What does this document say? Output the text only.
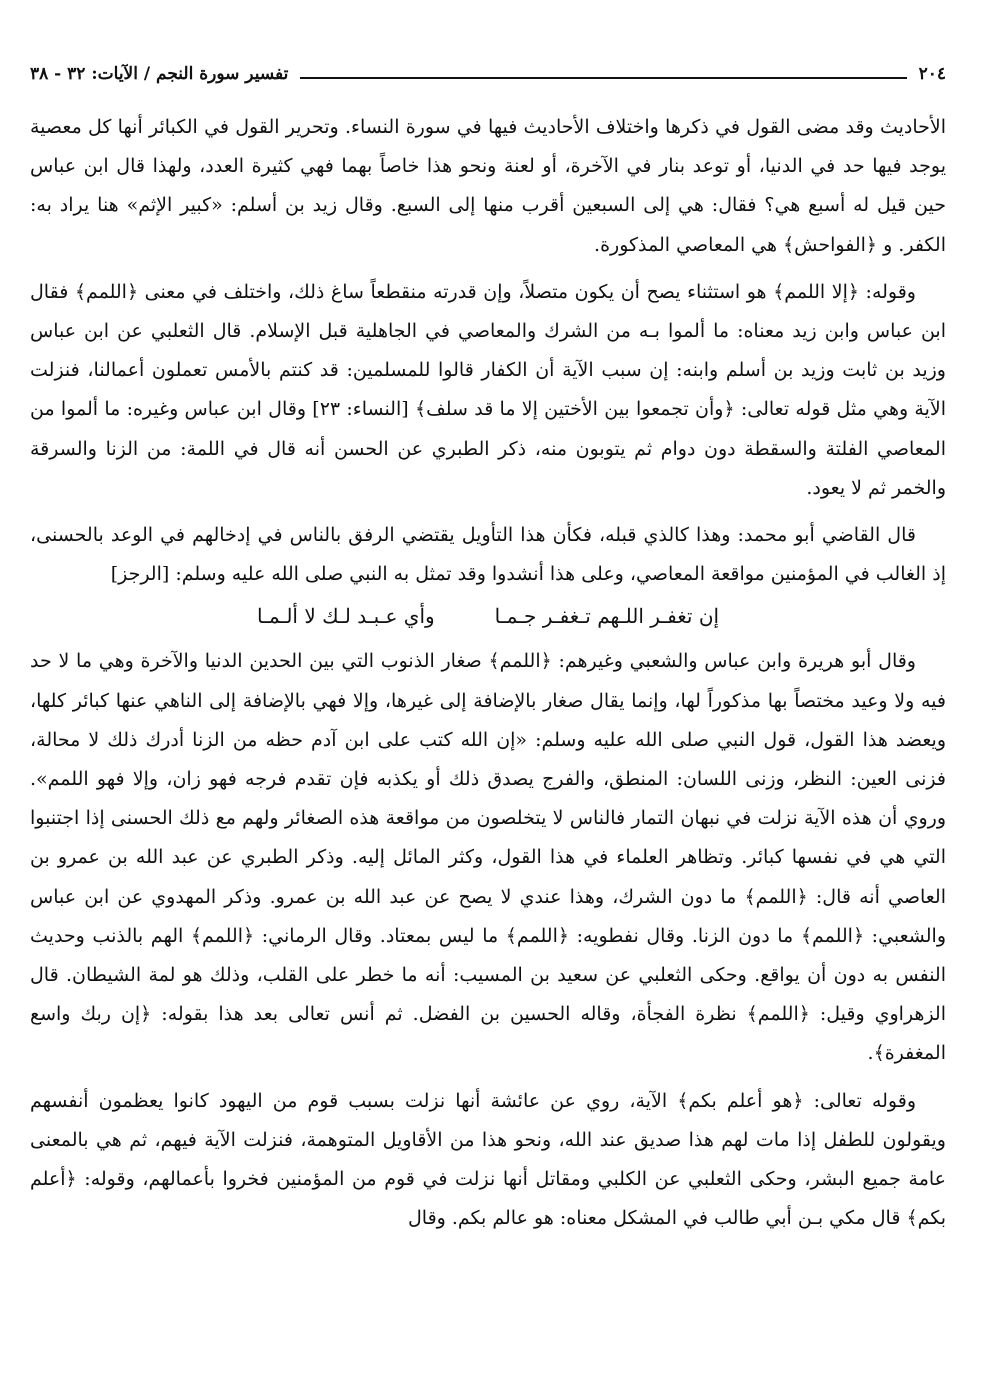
٢٠٤
تفسير سورة النجم / الآيات: ٣٢ - ٣٨

الأحاديث وقد مضى القول في ذكرها واختلاف الأحاديث فيها في سورة النساء. وتحرير القول في الكبائر أنها كل معصية يوجد فيها حد في الدنيا، أو توعد بنار في الآخرة، أو لعنة ونحو هذا خاصاً بهما فهي كثيرة العدد، ولهذا قال ابن عباس حين قيل له أسبع هي؟ فقال: هي إلى السبعين أقرب منها إلى السبع. وقال زيد بن أسلم: «كبير الإثم» هنا يراد به: الكفر. و ﴿الفواحش﴾ هي المعاصي المذكورة.

وقوله: ﴿إلا اللمم﴾ هو استثناء يصح أن يكون متصلاً، وإن قدرته منقطعاً ساغ ذلك، واختلف في معنى ﴿اللمم﴾ فقال ابن عباس وابن زيد معناه: ما ألموا بـه من الشرك والمعاصي في الجاهلية قبل الإسلام. قال الثعلبي عن ابن عباس وزيد بن ثابت وزيد بن أسلم وابنه: إن سبب الآية أن الكفار قالوا للمسلمين: قد كنتم بالأمس تعملون أعمالنا، فنزلت الآية وهي مثل قوله تعالى: ﴿وأن تجمعوا بين الأختين إلا ما قد سلف﴾ [النساء: ٢٣] وقال ابن عباس وغيره: ما ألموا من المعاصي الفلتة والسقطة دون دوام ثم يتوبون منه، ذكر الطبري عن الحسن أنه قال في اللمة: من الزنا والسرقة والخمر ثم لا يعود.

قال القاضي أبو محمد: وهذا كالذي قبله، فكأن هذا التأويل يقتضي الرفق بالناس في إدخالهم في الوعد بالحسنى، إذ الغالب في المؤمنين مواقعة المعاصي، وعلى هذا أنشدوا وقد تمثل به النبي صلى الله عليه وسلم: [الرجز]

إن تغفـر اللـهم تـغفـر جـمـا
وأي عـبـد لـك لا ألـمـا

وقال أبو هريرة وابن عباس والشعبي وغيرهم: ﴿اللمم﴾ صغار الذنوب التي بين الحدين الدنيا والآخرة وهي ما لا حد فيه ولا وعيد مختصاً بها مذكوراً لها، وإنما يقال صغار بالإضافة إلى غيرها، وإلا فهي بالإضافة إلى الناهي عنها كبائر كلها، ويعضد هذا القول، قول النبي صلى الله عليه وسلم: «إن الله كتب على ابن آدم حظه من الزنا أدرك ذلك لا محالة، فزنى العين: النظر، وزنى اللسان: المنطق، والفرج يصدق ذلك أو يكذبه فإن تقدم فرجه فهو زان، وإلا فهو اللمم». وروي أن هذه الآية نزلت في نبهان التمار فالناس لا يتخلصون من مواقعة هذه الصغائر ولهم مع ذلك الحسنى إذا اجتنبوا التي هي في نفسها كبائر. وتظاهر العلماء في هذا القول، وكثر المائل إليه. وذكر الطبري عن عبد الله بن عمرو بن العاصي أنه قال: ﴿اللمم﴾ ما دون الشرك، وهذا عندي لا يصح عن عبد الله بن عمرو. وذكر المهدوي عن ابن عباس والشعبي: ﴿اللمم﴾ ما دون الزنا. وقال نفطويه: ﴿اللمم﴾ ما ليس بمعتاد. وقال الرماني: ﴿اللمم﴾ الهم بالذنب وحديث النفس به دون أن يواقع. وحكى الثعلبي عن سعيد بن المسيب: أنه ما خطر على القلب، وذلك هو لمة الشيطان. قال الزهراوي وقيل: ﴿اللمم﴾ نظرة الفجأة، وقاله الحسين بن الفضل. ثم أنس تعالى بعد هذا بقوله: ﴿إن ربك واسع المغفرة﴾.

وقوله تعالى: ﴿هو أعلم بكم﴾ الآية، روي عن عائشة أنها نزلت بسبب قوم من اليهود كانوا يعظمون أنفسهم ويقولون للطفل إذا مات لهم هذا صديق عند الله، ونحو هذا من الأقاويل المتوهمة، فنزلت الآية فيهم، ثم هي بالمعنى عامة جميع البشر، وحكى الثعلبي عن الكلبي ومقاتل أنها نزلت في قوم من المؤمنين فخروا بأعمالهم، وقوله: ﴿أعلم بكم﴾ قال مكي بـن أبي طالب في المشكل معناه: هو عالم بكم. وقال
